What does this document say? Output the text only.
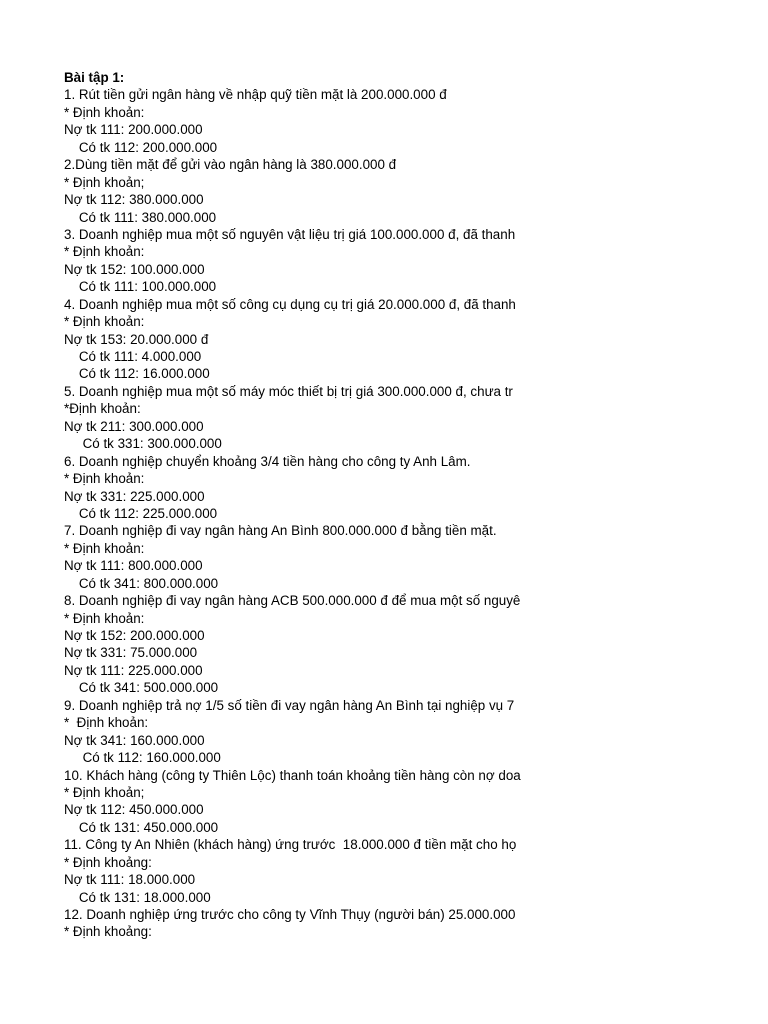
Bài tập 1:
1. Rút tiền gửi ngân hàng về nhập quỹ tiền mặt là 200.000.000 đ
* Định khoản:
Nợ tk 111: 200.000.000
Có tk 112: 200.000.000
2.Dùng tiền mặt để gửi vào ngân hàng là 380.000.000 đ
* Định khoản;
Nợ tk 112: 380.000.000
Có tk 111: 380.000.000
3. Doanh nghiệp mua một số nguyên vật liệu trị giá 100.000.000 đ, đã thanh
* Định khoản:
Nợ tk 152: 100.000.000
Có tk 111: 100.000.000
4. Doanh nghiệp mua một số công cụ dụng cụ trị giá 20.000.000 đ, đã thanh
* Định khoản:
Nợ tk 153: 20.000.000 đ
Có tk 111: 4.000.000
Có tk 112: 16.000.000
5. Doanh nghiệp mua một số máy móc thiết bị trị giá 300.000.000 đ, chưa tr
*Định khoản:
Nợ tk 211: 300.000.000
Có tk 331: 300.000.000
6. Doanh nghiệp chuyển khoảng 3/4 tiền hàng cho công ty Anh Lâm.
* Định khoản:
Nợ tk 331: 225.000.000
Có tk 112: 225.000.000
7. Doanh nghiệp đi vay ngân hàng An Bình 800.000.000 đ bằng tiền mặt.
* Định khoản:
Nợ tk 111: 800.000.000
Có tk 341: 800.000.000
8. Doanh nghiệp đi vay ngân hàng ACB 500.000.000 đ để mua một số nguyê
* Định khoản:
Nợ tk 152: 200.000.000
Nợ tk 331: 75.000.000
Nợ tk 111: 225.000.000
Có tk 341: 500.000.000
9. Doanh nghiệp trả nợ 1/5 số tiền đi vay ngân hàng An Bình tại nghiệp vụ 7
*  Định khoản:
Nợ tk 341: 160.000.000
Có tk 112: 160.000.000
10. Khách hàng (công ty Thiên Lộc) thanh toán khoảng tiền hàng còn nợ doa
* Định khoản;
Nợ tk 112: 450.000.000
Có tk 131: 450.000.000
11. Công ty An Nhiên (khách hàng) ứng trước  18.000.000 đ tiền mặt cho họ
* Định khoảng:
Nợ tk 111: 18.000.000
Có tk 131: 18.000.000
12. Doanh nghiệp ứng trước cho công ty Vĩnh Thụy (người bán) 25.000.000
* Định khoảng:
